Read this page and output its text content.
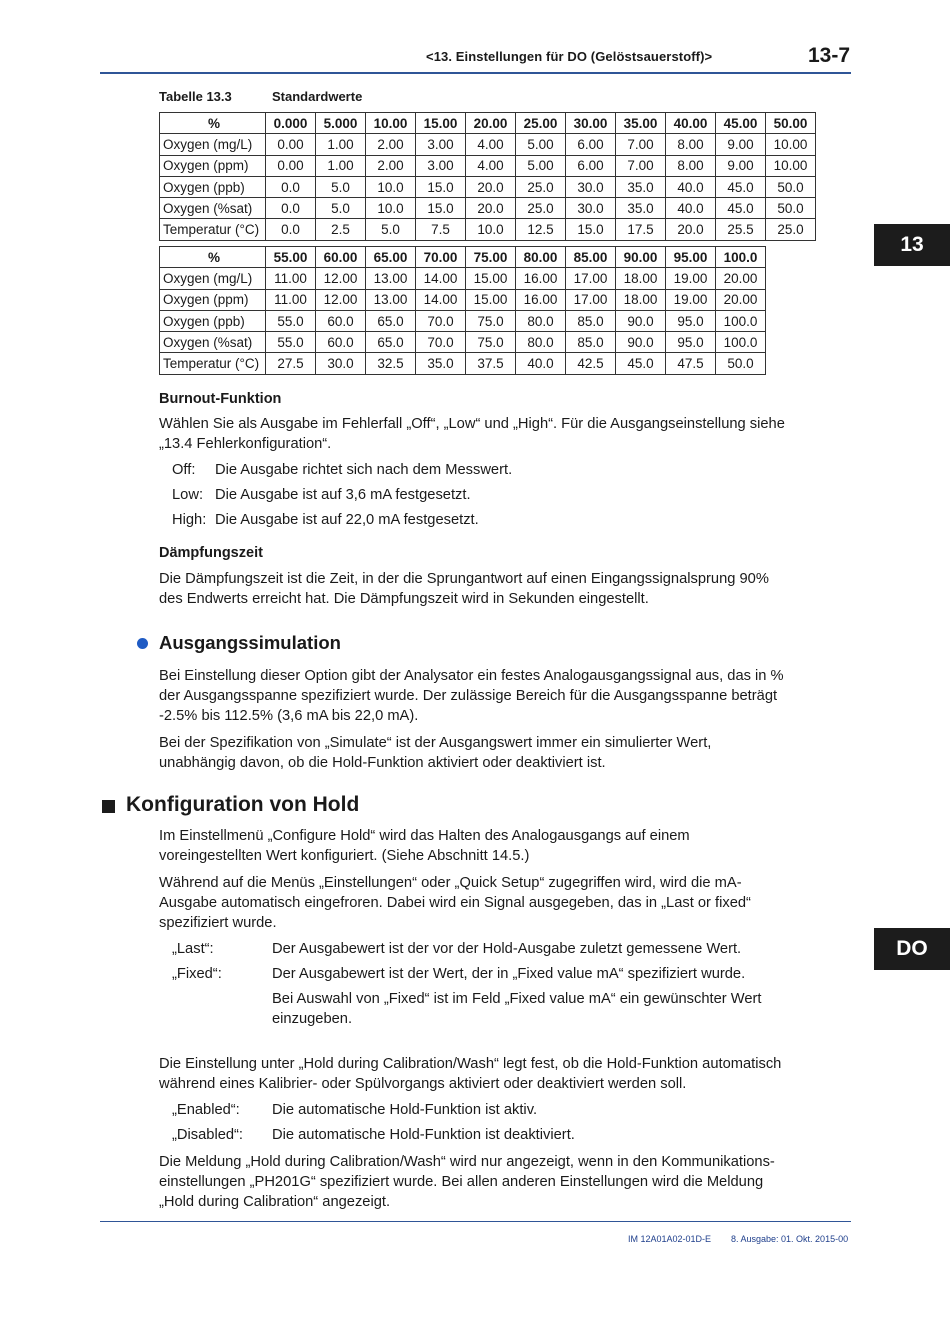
<13. Einstellungen für DO (Gelöstsauerstoff)>	13-7
13
DO
Tabelle 13.3	Standardwerte
%	0.000	5.000	10.00	15.00	20.00	25.00	30.00	35.00	40.00	45.00	50.00
Oxygen (mg/L)	0.00	1.00	2.00	3.00	4.00	5.00	6.00	7.00	8.00	9.00	10.00
Oxygen (ppm)	0.00	1.00	2.00	3.00	4.00	5.00	6.00	7.00	8.00	9.00	10.00
Oxygen (ppb)	0.0	5.0	10.0	15.0	20.0	25.0	30.0	35.0	40.0	45.0	50.0
Oxygen (%sat)	0.0	5.0	10.0	15.0	20.0	25.0	30.0	35.0	40.0	45.0	50.0
Temperatur (°C)	0.0	2.5	5.0	7.5	10.0	12.5	15.0	17.5	20.0	25.5	25.0
%	55.00	60.00	65.00	70.00	75.00	80.00	85.00	90.00	95.00	100.0
Oxygen (mg/L)	11.00	12.00	13.00	14.00	15.00	16.00	17.00	18.00	19.00	20.00
Oxygen (ppm)	11.00	12.00	13.00	14.00	15.00	16.00	17.00	18.00	19.00	20.00
Oxygen (ppb)	55.0	60.0	65.0	70.0	75.0	80.0	85.0	90.0	95.0	100.0
Oxygen (%sat)	55.0	60.0	65.0	70.0	75.0	80.0	85.0	90.0	95.0	100.0
Temperatur (°C)	27.5	30.0	32.5	35.0	37.5	40.0	42.5	45.0	47.5	50.0
Burnout-Funktion
Wählen Sie als Ausgabe im Fehlerfall „Off“, „Low“ und „High“. Für die Ausgangseinstellung siehe
„13.4 Fehlerkonfiguration“.
Off: Die Ausgabe richtet sich nach dem Messwert.
Low: Die Ausgabe ist auf 3,6 mA festgesetzt.
High: Die Ausgabe ist auf 22,0 mA festgesetzt.
Dämpfungszeit
Die Dämpfungszeit ist die Zeit, in der die Sprungantwort auf einen Eingangssignalsprung 90%
des Endwerts erreicht hat. Die Dämpfungszeit wird in Sekunden eingestellt.
Ausgangssimulation
Bei Einstellung dieser Option gibt der Analysator ein festes Analogausgangssignal aus, das in %
der Ausgangsspanne spezifiziert wurde. Der zulässige Bereich für die Ausgangsspanne beträgt
-2.5% bis 112.5% (3,6 mA bis 22,0 mA).
Bei der Spezifikation von „Simulate“ ist der Ausgangswert immer ein simulierter Wert,
unabhängig davon, ob die Hold-Funktion aktiviert oder deaktiviert ist.
Konfiguration von Hold
Im Einstellmenü „Configure Hold“ wird das Halten des Analogausgangs auf einem
voreingestellten Wert konfiguriert. (Siehe Abschnitt 14.5.)
Während auf die Menüs „Einstellungen“ oder „Quick Setup“ zugegriffen wird, wird die mA-
Ausgabe automatisch eingefroren. Dabei wird ein Signal ausgegeben, das in „Last or fixed“
spezifiziert wurde.
„Last“:	Der Ausgabewert ist der vor der Hold-Ausgabe zuletzt gemessene Wert.
„Fixed“:	Der Ausgabewert ist der Wert, der in „Fixed value mA“ spezifiziert wurde.
Bei Auswahl von „Fixed“ ist im Feld „Fixed value mA“ ein gewünschter Wert
einzugeben.
Die Einstellung unter „Hold during Calibration/Wash“ legt fest, ob die Hold-Funktion automatisch
während eines Kalibrier- oder Spülvorgangs aktiviert oder deaktiviert werden soll.
„Enabled“: Die automatische Hold-Funktion ist aktiv.
„Disabled“: Die automatische Hold-Funktion ist deaktiviert.
Die Meldung „Hold during Calibration/Wash“ wird nur angezeigt, wenn in den Kommunikations-
einstellungen „PH201G“ spezifiziert wurde. Bei allen anderen Einstellungen wird die Meldung
„Hold during Calibration“ angezeigt.
IM 12A01A02-01D-E 8. Ausgabe: 01. Okt. 2015-00
